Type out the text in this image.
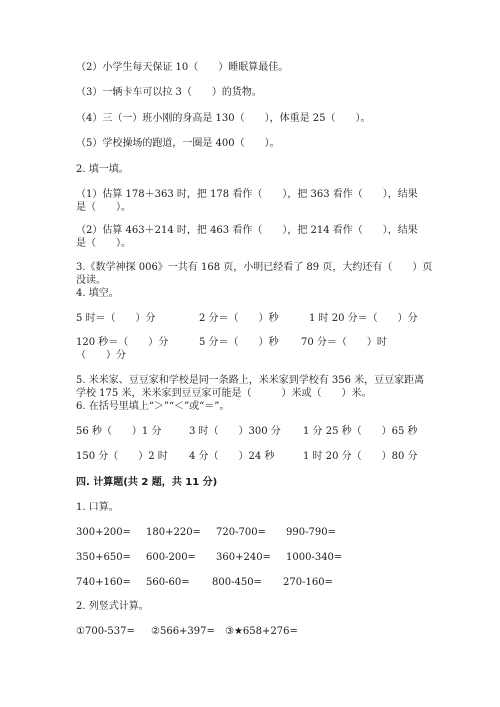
（2）小学生每天保证 10（　　）睡眠算最佳。
（3）一辆卡车可以拉 3（　　）的货物。
（4）三（一）班小刚的身高是 130（　　），体重是 25（　　）。
（5）学校操场的跑道，一圈是 400（　　）。
2. 填一填。
（1）估算 178＋363 时，把 178 看作（　　），把 363 看作（　　），结果
是（　　）。
（2）估算 463＋214 时，把 463 看作（　　），把 214 看作（　　），结果
是（　　）。
3.《数学神探 006》一共有 168 页，小明已经看了 89 页，大约还有（　　）页
没读。
4. 填空。
5 时＝（　　）分	2 分＝（　　）秒	1 时 20 分＝（　　）分
120 秒＝（　　）分	5 分＝（　　）秒 70 分＝（　　）时
（　　）分
5. 米米家、豆豆家和学校是同一条路上，米米家到学校有 356 米，豆豆家距离
学校 175 米，米米家到豆豆家可能是（　　　）米或（　　）米。
6. 在括号里填上“＞”“＜”或“＝”。
56 秒（　　）1 分	3 时（　　）300 分 1 分 25 秒（　　）65 秒
150 分（　　）2 时 4 分（　　）24 秒	1 时 20 分（　　）80 分
四. 计算题(共 2 题，共 11 分)
1. 口算。
300+200= 180+220= 720-700= 990-790=
350+650= 600-200= 360+240= 1000-340=
740+160= 560-60= 800-450= 270-160=
2. 列竖式计算。
①700-537= ②566+397= ③★658+276=
